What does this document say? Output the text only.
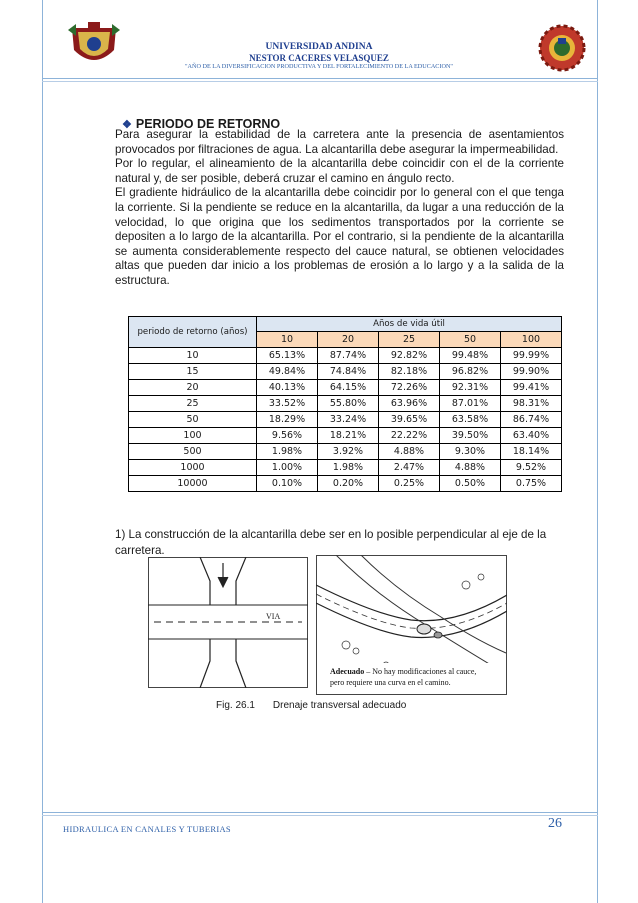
UNIVERSIDAD ANDINA
NESTOR CACERES VELASQUEZ
"AÑO DE LA DIVERSIFICACION PRODUCTIVA Y DEL FORTALECIMIENTO DE LA EDUCACION"
❖ PERIODO DE RETORNO

Para asegurar la estabilidad de la carretera ante la presencia de asentamientos provocados por filtraciones de agua. La alcantarilla debe asegurar la impermeabilidad.

Por lo regular, el alineamiento de la alcantarilla debe coincidir con el de la corriente natural y, de ser posible, deberá cruzar el camino en ángulo recto.

El gradiente hidráulico de la alcantarilla debe coincidir por lo general con el que tenga la corriente. Si la pendiente se reduce en la alcantarilla, da lugar a una reducción de la velocidad, lo que origina que los sedimentos transportados por la corriente se depositen a lo largo de la alcantarilla. Por el contrario, si la pendiente de la alcantarilla se aumenta considerablemente respecto del cauce natural, se obtienen velocidades altas que pueden dar inicio a los problemas de erosión a lo largo y a la salida de la estructura.

periodo de retorno (años)	Años de vida útil				
	10	20	25	50	100
10	65.13%	87.74%	92.82%	99.48%	99.99%
15	49.84%	74.84%	82.18%	96.82%	99.90%
20	40.13%	64.15%	72.26%	92.31%	99.41%
25	33.52%	55.80%	63.96%	87.01%	98.31%
50	18.29%	33.24%	39.65%	63.58%	86.74%
100	9.56%	18.21%	22.22%	39.50%	63.40%
500	1.98%	3.92%	4.88%	9.30%	18.14%
1000	1.00%	1.98%	2.47%	4.88%	9.52%
10000	0.10%	0.20%	0.25%	0.50%	0.75%
1) La construcción de la alcantarilla debe ser en lo posible perpendicular al eje de la carretera.
VIA
Adecuado – No hay modificaciones al cauce,
pero requiere una curva en el camino.
Fig. 26.1 Drenaje transversal adecuado
HIDRAULICA EN CANALES Y TUBERIAS	26
